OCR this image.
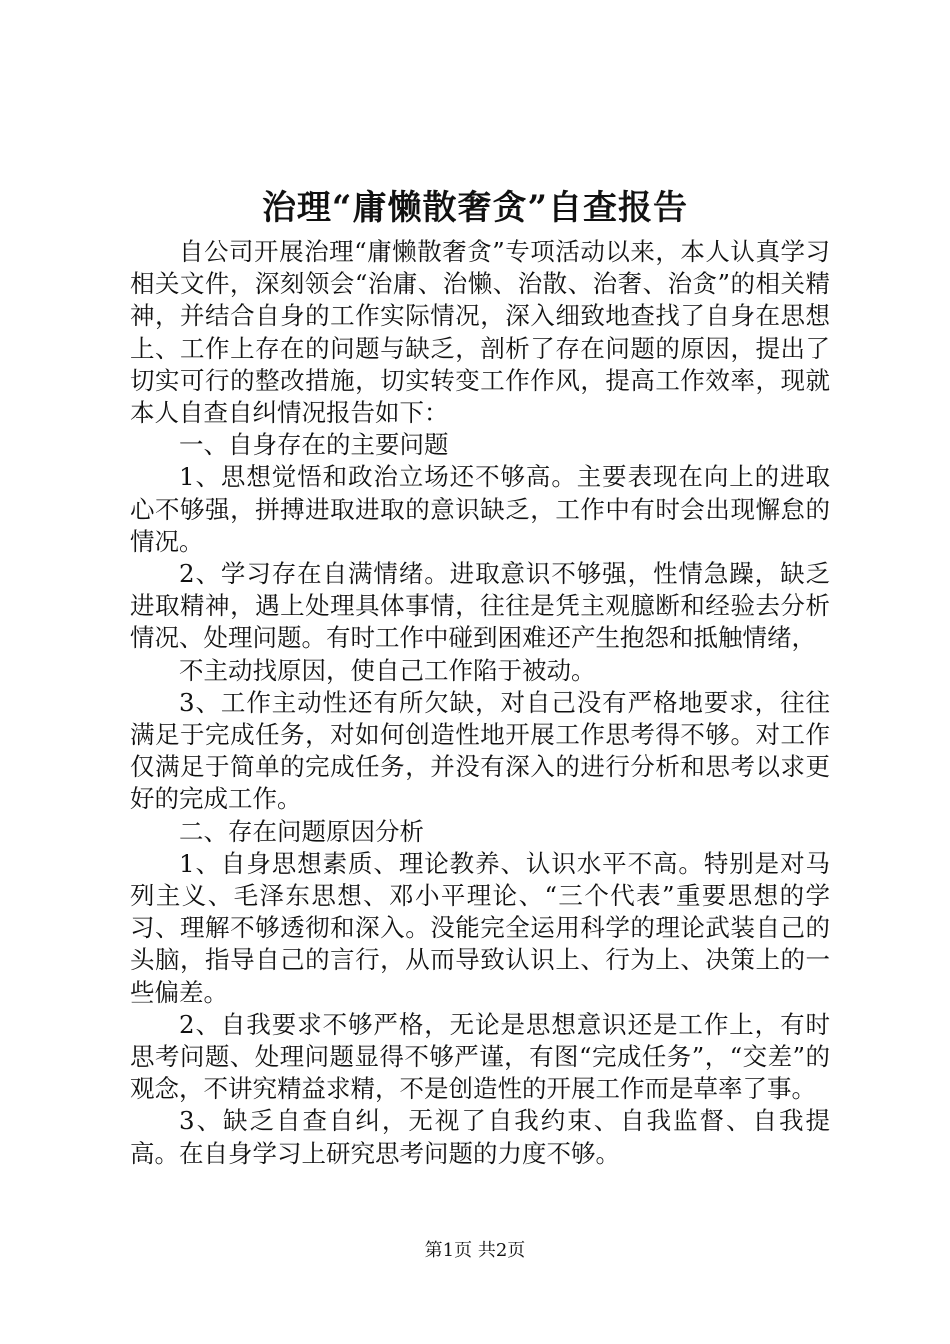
治理“庸懒散奢贪”自查报告

自公司开展治理“庸懒散奢贪”专项活动以来，本人认真学习相关文件，深刻领会“治庸、治懒、治散、治奢、治贪”的相关精神，并结合自身的工作实际情况，深入细致地查找了自身在思想上、工作上存在的问题与缺乏，剖析了存在问题的原因，提出了切实可行的整改措施，切实转变工作作风，提高工作效率，现就本人自查自纠情况报告如下：

一、自身存在的主要问题

1、思想觉悟和政治立场还不够高。主要表现在向上的进取心不够强，拼搏进取进取的意识缺乏，工作中有时会出现懈怠的情况。

2、学习存在自满情绪。进取意识不够强，性情急躁，缺乏进取精神，遇上处理具体事情，往往是凭主观臆断和经验去分析情况、处理问题。有时工作中碰到困难还产生抱怨和抵触情绪，

不主动找原因，使自己工作陷于被动。

3、工作主动性还有所欠缺，对自己没有严格地要求，往往满足于完成任务，对如何创造性地开展工作思考得不够。对工作仅满足于简单的完成任务，并没有深入的进行分析和思考以求更好的完成工作。

二、存在问题原因分析

1、自身思想素质、理论教养、认识水平不高。特别是对马列主义、毛泽东思想、邓小平理论、“三个代表”重要思想的学习、理解不够透彻和深入。没能完全运用科学的理论武装自己的头脑，指导自己的言行，从而导致认识上、行为上、决策上的一些偏差。

2、自我要求不够严格，无论是思想意识还是工作上，有时思考问题、处理问题显得不够严谨，有图“完成任务”，“交差”的观念，不讲究精益求精，不是创造性的开展工作而是草率了事。

3、缺乏自查自纠，无视了自我约束、自我监督、自我提高。在自身学习上研究思考问题的力度不够。

第1页 共2页
